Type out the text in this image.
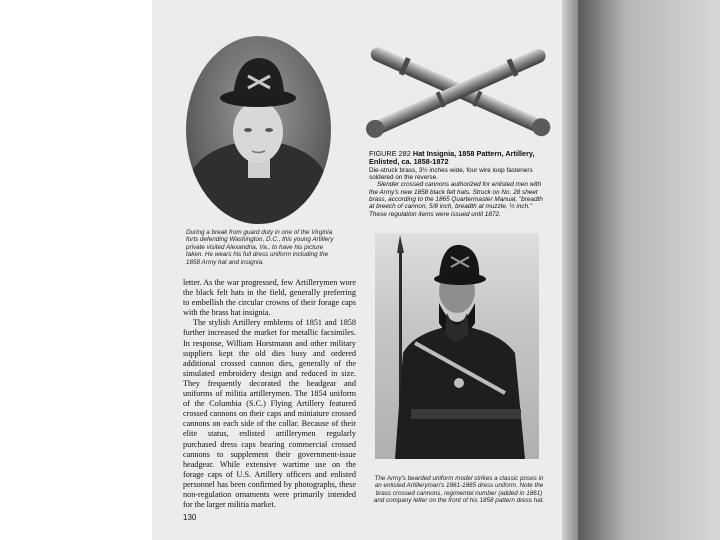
During a break from guard duty in one of the Virginia forts defending Washington, D.C., this young Artillery private visited Alexandria, Va., to have his picture taken. He wears his full dress uniform including the 1858 Army hat and insignia.

letter. As the war progressed, few Artillerymen wore the black felt hats in the field, generally preferring to embellish the circular crowns of their forage caps with the brass hat insignia.

The stylish Artillery emblems of 1851 and 1858 further increased the market for metallic facsimiles. In response, William Horstmann and other military suppliers kept the old dies busy and ordered additional crossed cannon dies, generally of the simulated embroidery design and reduced in size. They frequently decorated the headgear and uniforms of militia artillerymen. The 1854 uniform of the Columbia (S.C.) Flying Artillery featured crossed cannons on their caps and miniature crossed cannons on each side of the collar. Because of their elite status, enlisted artillerymen regularly purchased dress caps bearing commercial crossed cannons to supplement their government-issue headgear. While extensive wartime use on the forage caps of U.S. Artillery officers and enlisted personnel has been confirmed by photographs, these non-regulation ornaments were primarily intended for the larger militia market.

FIGURE 282 Hat Insignia, 1858 Pattern, Artillery, Enlisted, ca. 1858-1872

Die-struck brass, 3½ inches wide, four wire loop fasteners soldered on the reverse.

Slender crossed cannons authorized for enlisted men with the Army's new 1858 black felt hats. Struck on No. 28 sheet brass, according to the 1865 Quartermaster Manual, "breadth at breech of cannon, 5/8 inch, breadth at muzzle, ½ inch." These regulation items were issued until 1872.

The Army's bearded uniform model strikes a classic poses in an enlisted Artilleryman's 1861-1865 dress uniform. Note the brass crossed cannons, regimental number (added in 1861) and company letter on the front of his 1858 pattern dress hat.
130
